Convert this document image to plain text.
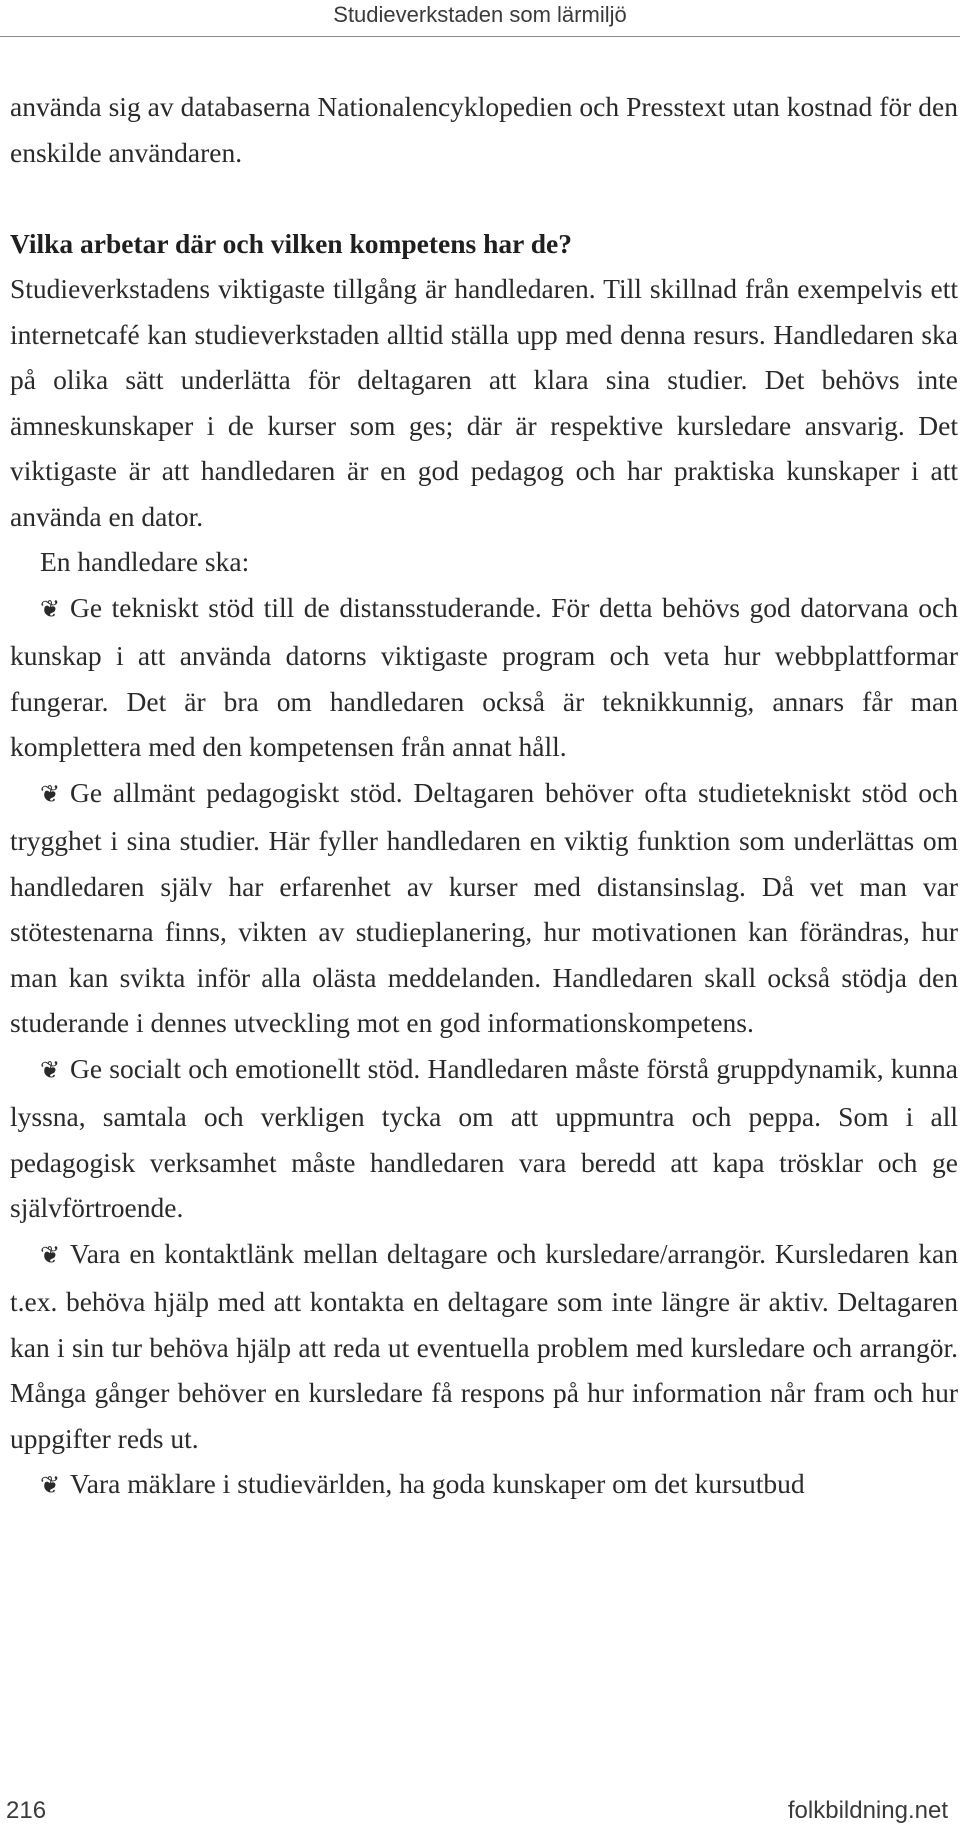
Studieverkstaden som lärmiljö

använda sig av databaserna Nationalencyklopedien och Presstext utan kostnad för den enskilde användaren.

Vilka arbetar där och vilken kompetens har de?

Studieverkstadens viktigaste tillgång är handledaren. Till skillnad från exempelvis ett internetcafé kan studieverkstaden alltid ställa upp med denna resurs. Handledaren ska på olika sätt underlätta för deltagaren att klara sina studier. Det behövs inte ämneskunskaper i de kurser som ges; där är respektive kursledare ansvarig. Det viktigaste är att handledaren är en god pedagog och har praktiska kunskaper i att använda en dator.

En handledare ska:

❦ Ge tekniskt stöd till de distansstuderande. För detta behövs god datorvana och kunskap i att använda datorns viktigaste program och veta hur webbplattformar fungerar. Det är bra om handledaren också är teknikkunnig, annars får man komplettera med den kompetensen från annat håll.

❦ Ge allmänt pedagogiskt stöd. Deltagaren behöver ofta studietekniskt stöd och trygghet i sina studier. Här fyller handledaren en viktig funktion som underlättas om handledaren själv har erfarenhet av kurser med distansinslag. Då vet man var stötestenarna finns, vikten av studieplanering, hur motivationen kan förändras, hur man kan svikta inför alla olästa meddelanden. Handledaren skall också stödja den studerande i dennes utveckling mot en god informationskompetens.

❦ Ge socialt och emotionellt stöd. Handledaren måste förstå gruppdynamik, kunna lyssna, samtala och verkligen tycka om att uppmuntra och peppa. Som i all pedagogisk verksamhet måste handledaren vara beredd att kapa trösklar och ge självförtroende.

❦ Vara en kontaktlänk mellan deltagare och kursledare/arrangör. Kursledaren kan t.ex. behöva hjälp med att kontakta en deltagare som inte längre är aktiv. Deltagaren kan i sin tur behöva hjälp att reda ut eventuella problem med kursledare och arrangör. Många gånger behöver en kursledare få respons på hur information når fram och hur uppgifter reds ut.

❦ Vara mäklare i studievärlden, ha goda kunskaper om det kursutbud

216	folkbildning.net
